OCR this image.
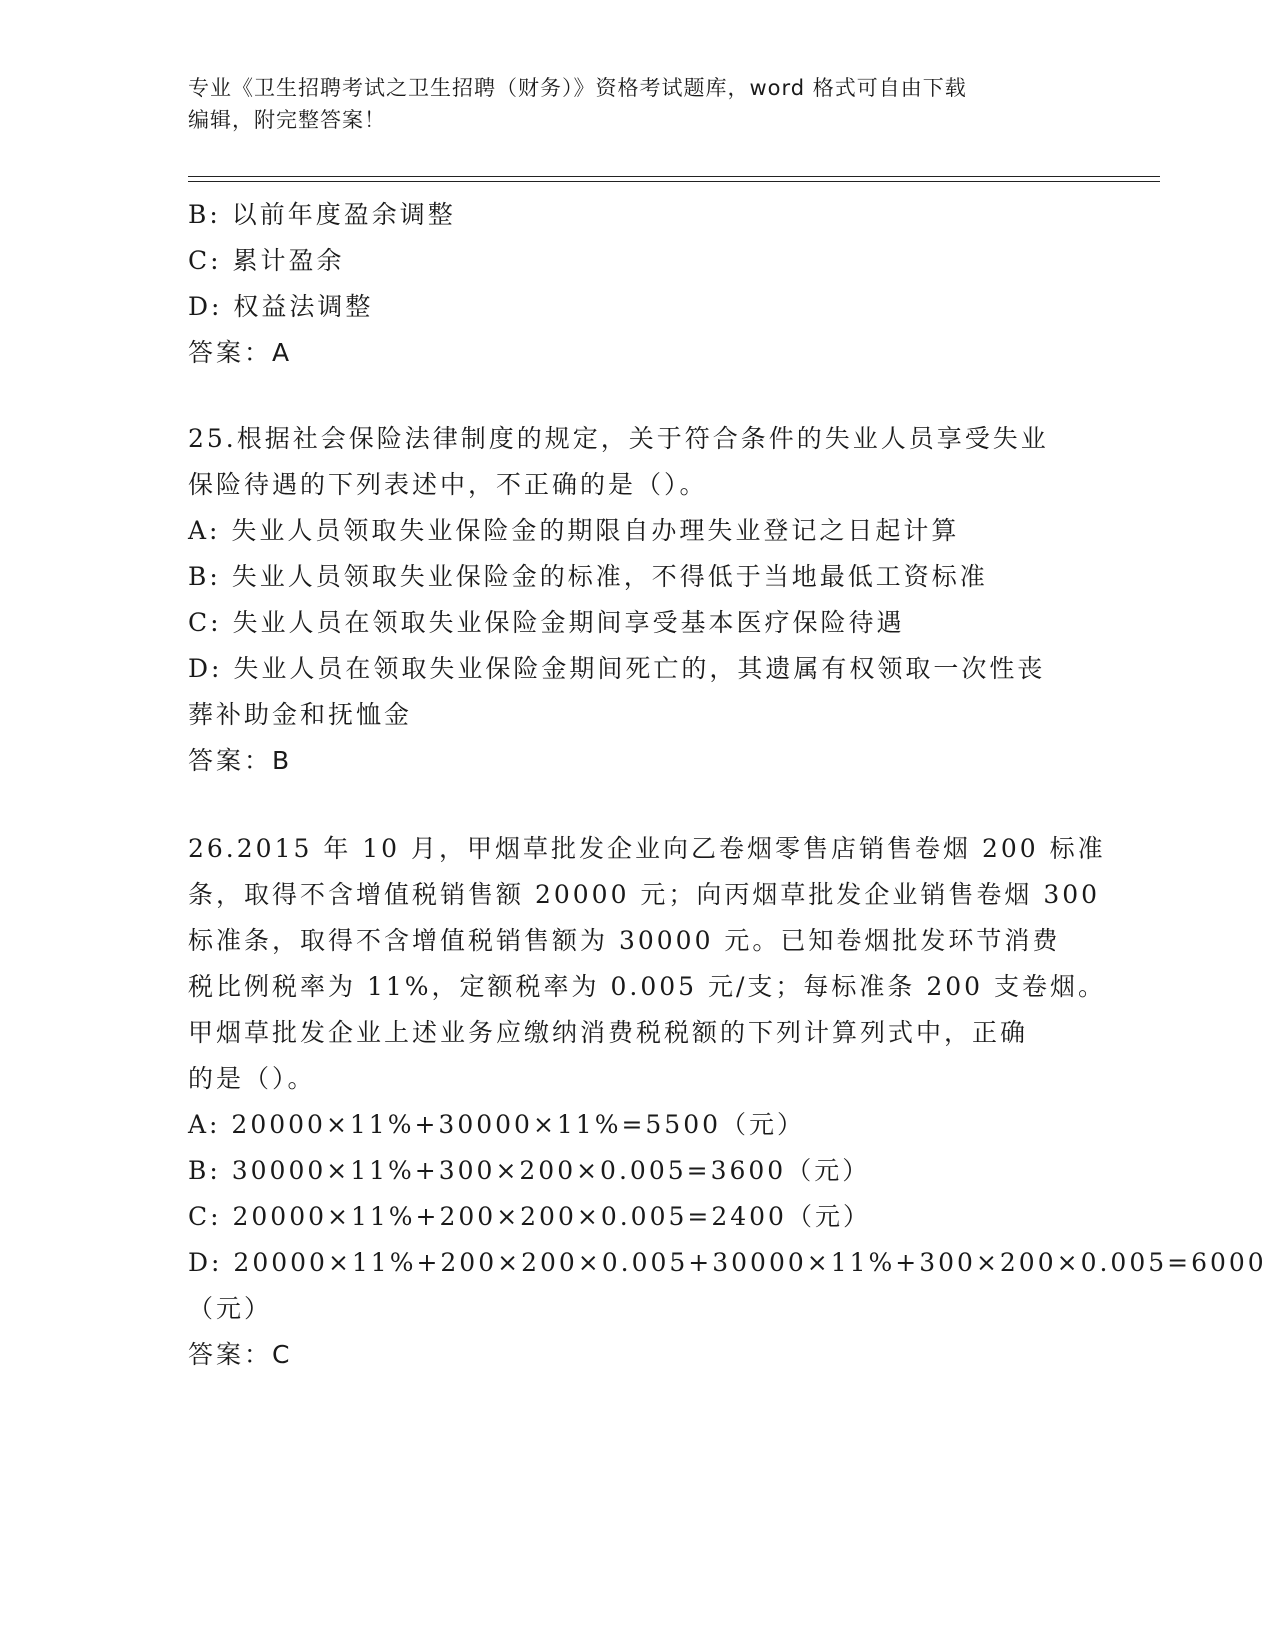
专业《卫生招聘考试之卫生招聘（财务）》资格考试题库，word 格式可自由下载
编辑，附完整答案！
B: 以前年度盈余调整
C: 累计盈余
D: 权益法调整
答案：A
25.根据社会保险法律制度的规定，关于符合条件的失业人员享受失业
保险待遇的下列表述中，不正确的是（）。
A: 失业人员领取失业保险金的期限自办理失业登记之日起计算
B: 失业人员领取失业保险金的标准，不得低于当地最低工资标准
C: 失业人员在领取失业保险金期间享受基本医疗保险待遇
D: 失业人员在领取失业保险金期间死亡的，其遗属有权领取一次性丧
葬补助金和抚恤金
答案：B
26.2015 年 10 月，甲烟草批发企业向乙卷烟零售店销售卷烟 200 标准
条，取得不含增值税销售额 20000 元；向丙烟草批发企业销售卷烟 300
标准条，取得不含增值税销售额为 30000 元。已知卷烟批发环节消费
税比例税率为 11%，定额税率为 0.005 元/支；每标准条 200 支卷烟。
甲烟草批发企业上述业务应缴纳消费税税额的下列计算列式中，正确
的是（）。
A: 20000×11%+30000×11%=5500（元）
B: 30000×11%+300×200×0.005=3600（元）
C: 20000×11%+200×200×0.005=2400（元）
D: 20000×11%+200×200×0.005+30000×11%+300×200×0.005=6000
（元）
答案：C
